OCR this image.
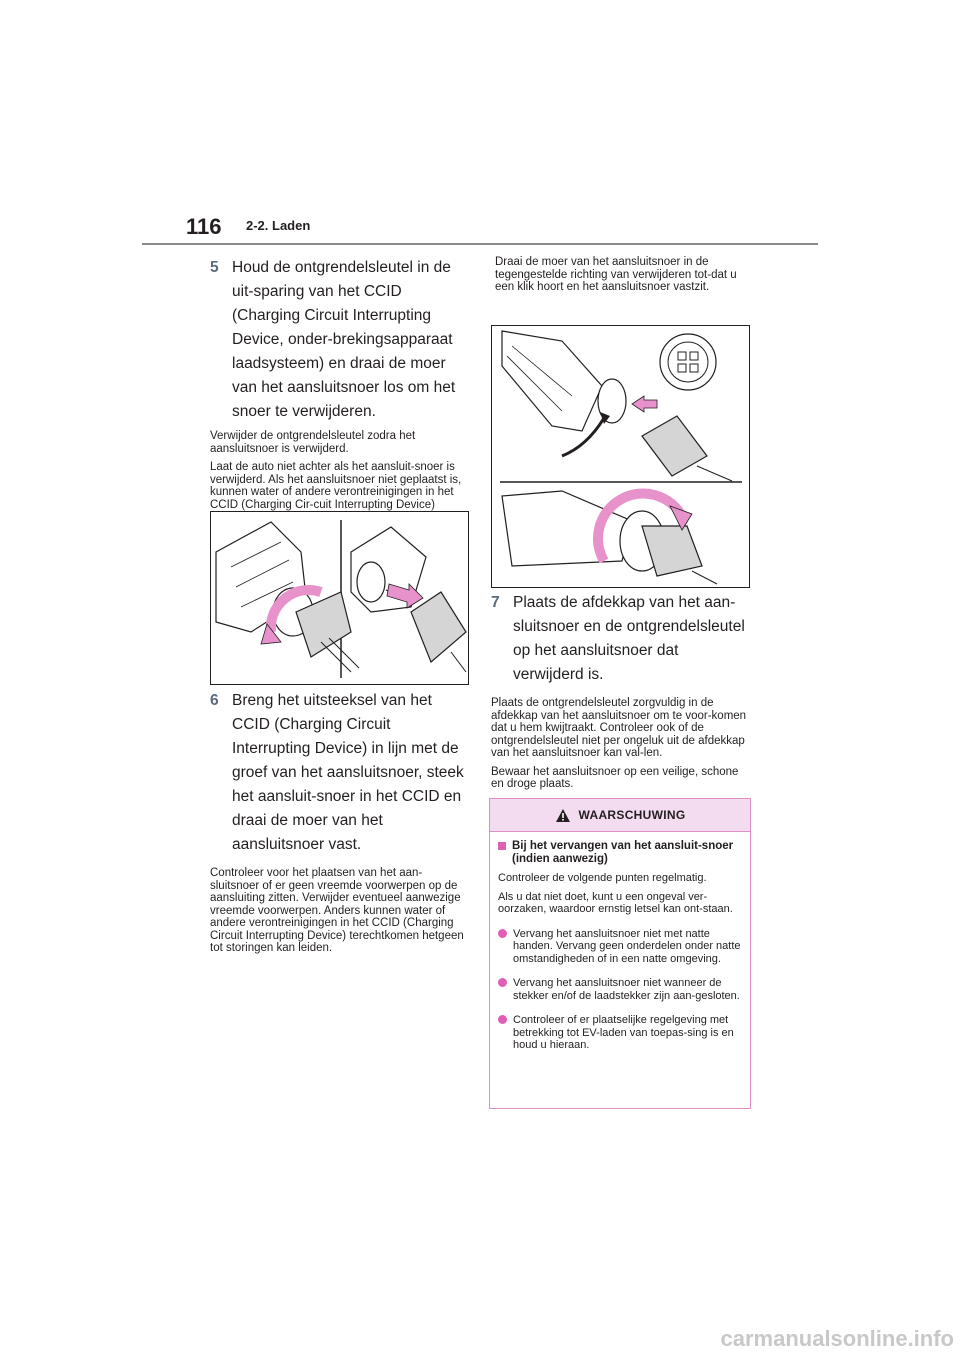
116 2-2. Laden
5 Houd de ontgrendelsleutel in de uit-sparing van het CCID (Charging Circuit Interrupting Device, onder-brekingsapparaat laadsysteem) en draai de moer van het aansluitsnoer los om het snoer te verwijderen.
Verwijder de ontgrendelsleutel zodra het aansluitsnoer is verwijderd.
Laat de auto niet achter als het aansluit-snoer is verwijderd. Als het aansluitsnoer niet geplaatst is, kunnen water of andere verontreinigingen in het CCID (Charging Cir-cuit Interrupting Device) terechtkomen het-geen tot storingen kan leiden.
6 Breng het uitsteeksel van het CCID (Charging Circuit Interrupting Device) in lijn met de groef van het aansluitsnoer, steek het aansluit-snoer in het CCID en draai de moer van het aansluitsnoer vast.
Controleer voor het plaatsen van het aan-sluitsnoer of er geen vreemde voorwerpen op de aansluiting zitten. Verwijder eventueel aanwezige vreemde voorwerpen. Anders kunnen water of andere verontreinigingen in het CCID (Charging Circuit Interrupting Device) terechtkomen hetgeen tot storingen kan leiden.
Draai de moer van het aansluitsnoer in de tegengestelde richting van verwijderen tot-dat u een klik hoort en het aansluitsnoer vastzit.
7 Plaats de afdekkap van het aan-sluitsnoer en de ontgrendelsleutel op het aansluitsnoer dat verwijderd is.
Plaats de ontgrendelsleutel zorgvuldig in de afdekkap van het aansluitsnoer om te voor-komen dat u hem kwijtraakt. Controleer ook of de ontgrendelsleutel niet per ongeluk uit de afdekkap van het aansluitsnoer kan val-len.
Bewaar het aansluitsnoer op een veilige, schone en droge plaats.
WAARSCHUWING
Bij het vervangen van het aansluit-snoer (indien aanwezig)
Controleer de volgende punten regelmatig.
Als u dat niet doet, kunt u een ongeval ver-oorzaken, waardoor ernstig letsel kan ont-staan.
Vervang het aansluitsnoer niet met natte handen. Vervang geen onderdelen onder natte omstandigheden of in een natte omgeving.
Vervang het aansluitsnoer niet wanneer de stekker en/of de laadstekker zijn aan-gesloten.
Controleer of er plaatselijke regelgeving met betrekking tot EV-laden van toepas-sing is en houd u hieraan.
carmanualsonline.info
